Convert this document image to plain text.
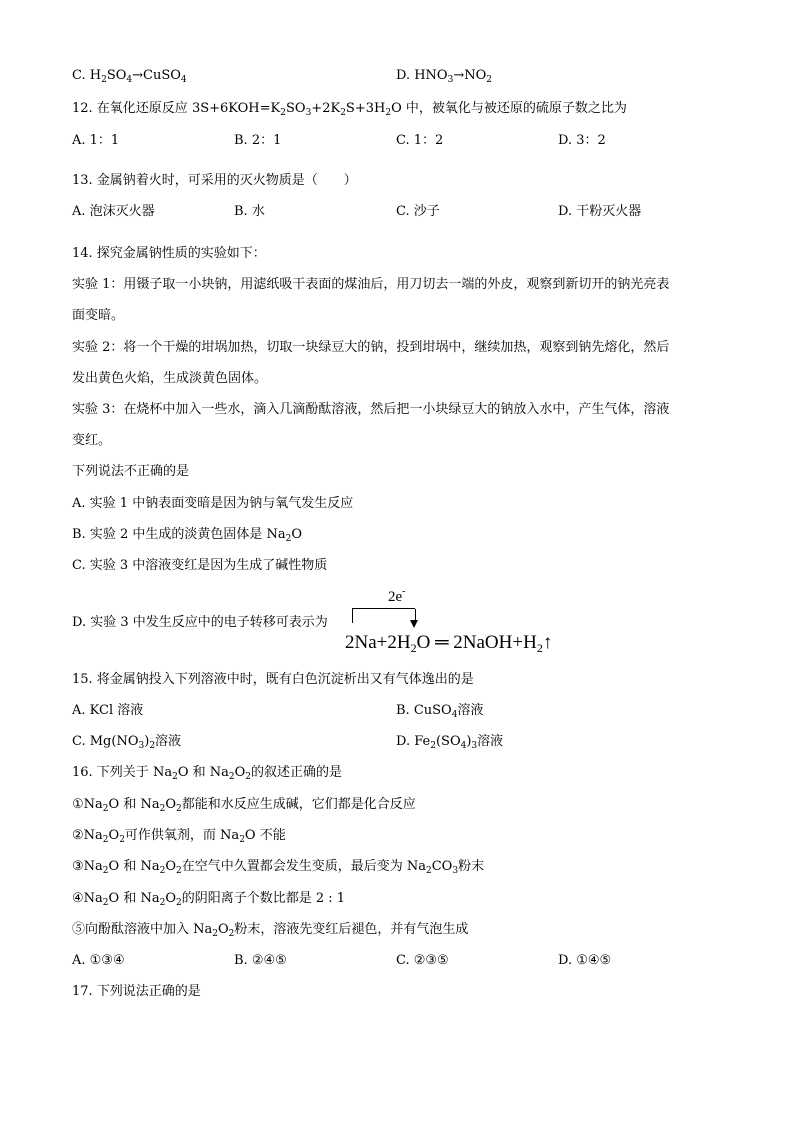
C. $H_2SO_4\to CuSO_4$	D. $HNO_3\to NO_2$
12. 在氧化还原反应 $3S+6KOH=K_2SO_3+2K_2S+3H_2O$ 中，被氧化与被还原的硫原子数之比为
A. 1：1	B. 2：1	C. 1：2	D. 3：2
13. 金属钠着火时，可采用的灭火物质是（　　）
A. 泡沫灭火器	B. 水	C. 沙子	D. 干粉灭火器
14. 探究金属钠性质的实验如下：
实验 1：用镊子取一小块钠，用滤纸吸干表面的煤油后，用刀切去一端的外皮，观察到新切开的钠光亮表
面变暗。
实验 2：将一个干燥的坩埚加热，切取一块绿豆大的钠，投到坩埚中，继续加热，观察到钠先熔化，然后
发出黄色火焰，生成淡黄色固体。
实验 3：在烧杯中加入一些水，滴入几滴酚酞溶液，然后把一小块绿豆大的钠放入水中，产生气体，溶液
变红。
下列说法不正确的是
A. 实验 1 中钠表面变暗是因为钠与氧气发生反应
B. 实验 2 中生成的淡黄色固体是 $Na_2O$
C. 实验 3 中溶液变红是因为生成了碱性物质
D. 实验 3 中发生反应中的电子转移可表示为
2e-
$2Na+2H_2O$ ═ $2NaOH+H_2↑$
15. 将金属钠投入下列溶液中时，既有白色沉淀析出又有气体逸出的是
A. KCl 溶液	B. CuSO$_4$溶液
C. $Mg(NO_3)_2$溶液	D. $Fe_2(SO_4)_3$溶液
16. 下列关于 $Na_2O$ 和 $Na_2O_2$的叙述正确的是
$①Na_2O$ 和 $Na_2O_2$都能和水反应生成碱，它们都是化合反应
$②Na_2O_2$可作供氧剂，而 $Na_2O$ 不能
$③Na_2O$ 和 $Na_2O_2$在空气中久置都会发生变质，最后变为 $Na_2CO_3$粉末
$④Na_2O$ 和 $Na_2O_2$的阴阳离子个数比都是 2 : 1
⑤向酚酞溶液中加入 $Na_2O_2$粉末，溶液先变红后褪色，并有气泡生成
A. ①③④	B. ②④⑤	C. ②③⑤	D. ①④⑤
17. 下列说法正确的是
